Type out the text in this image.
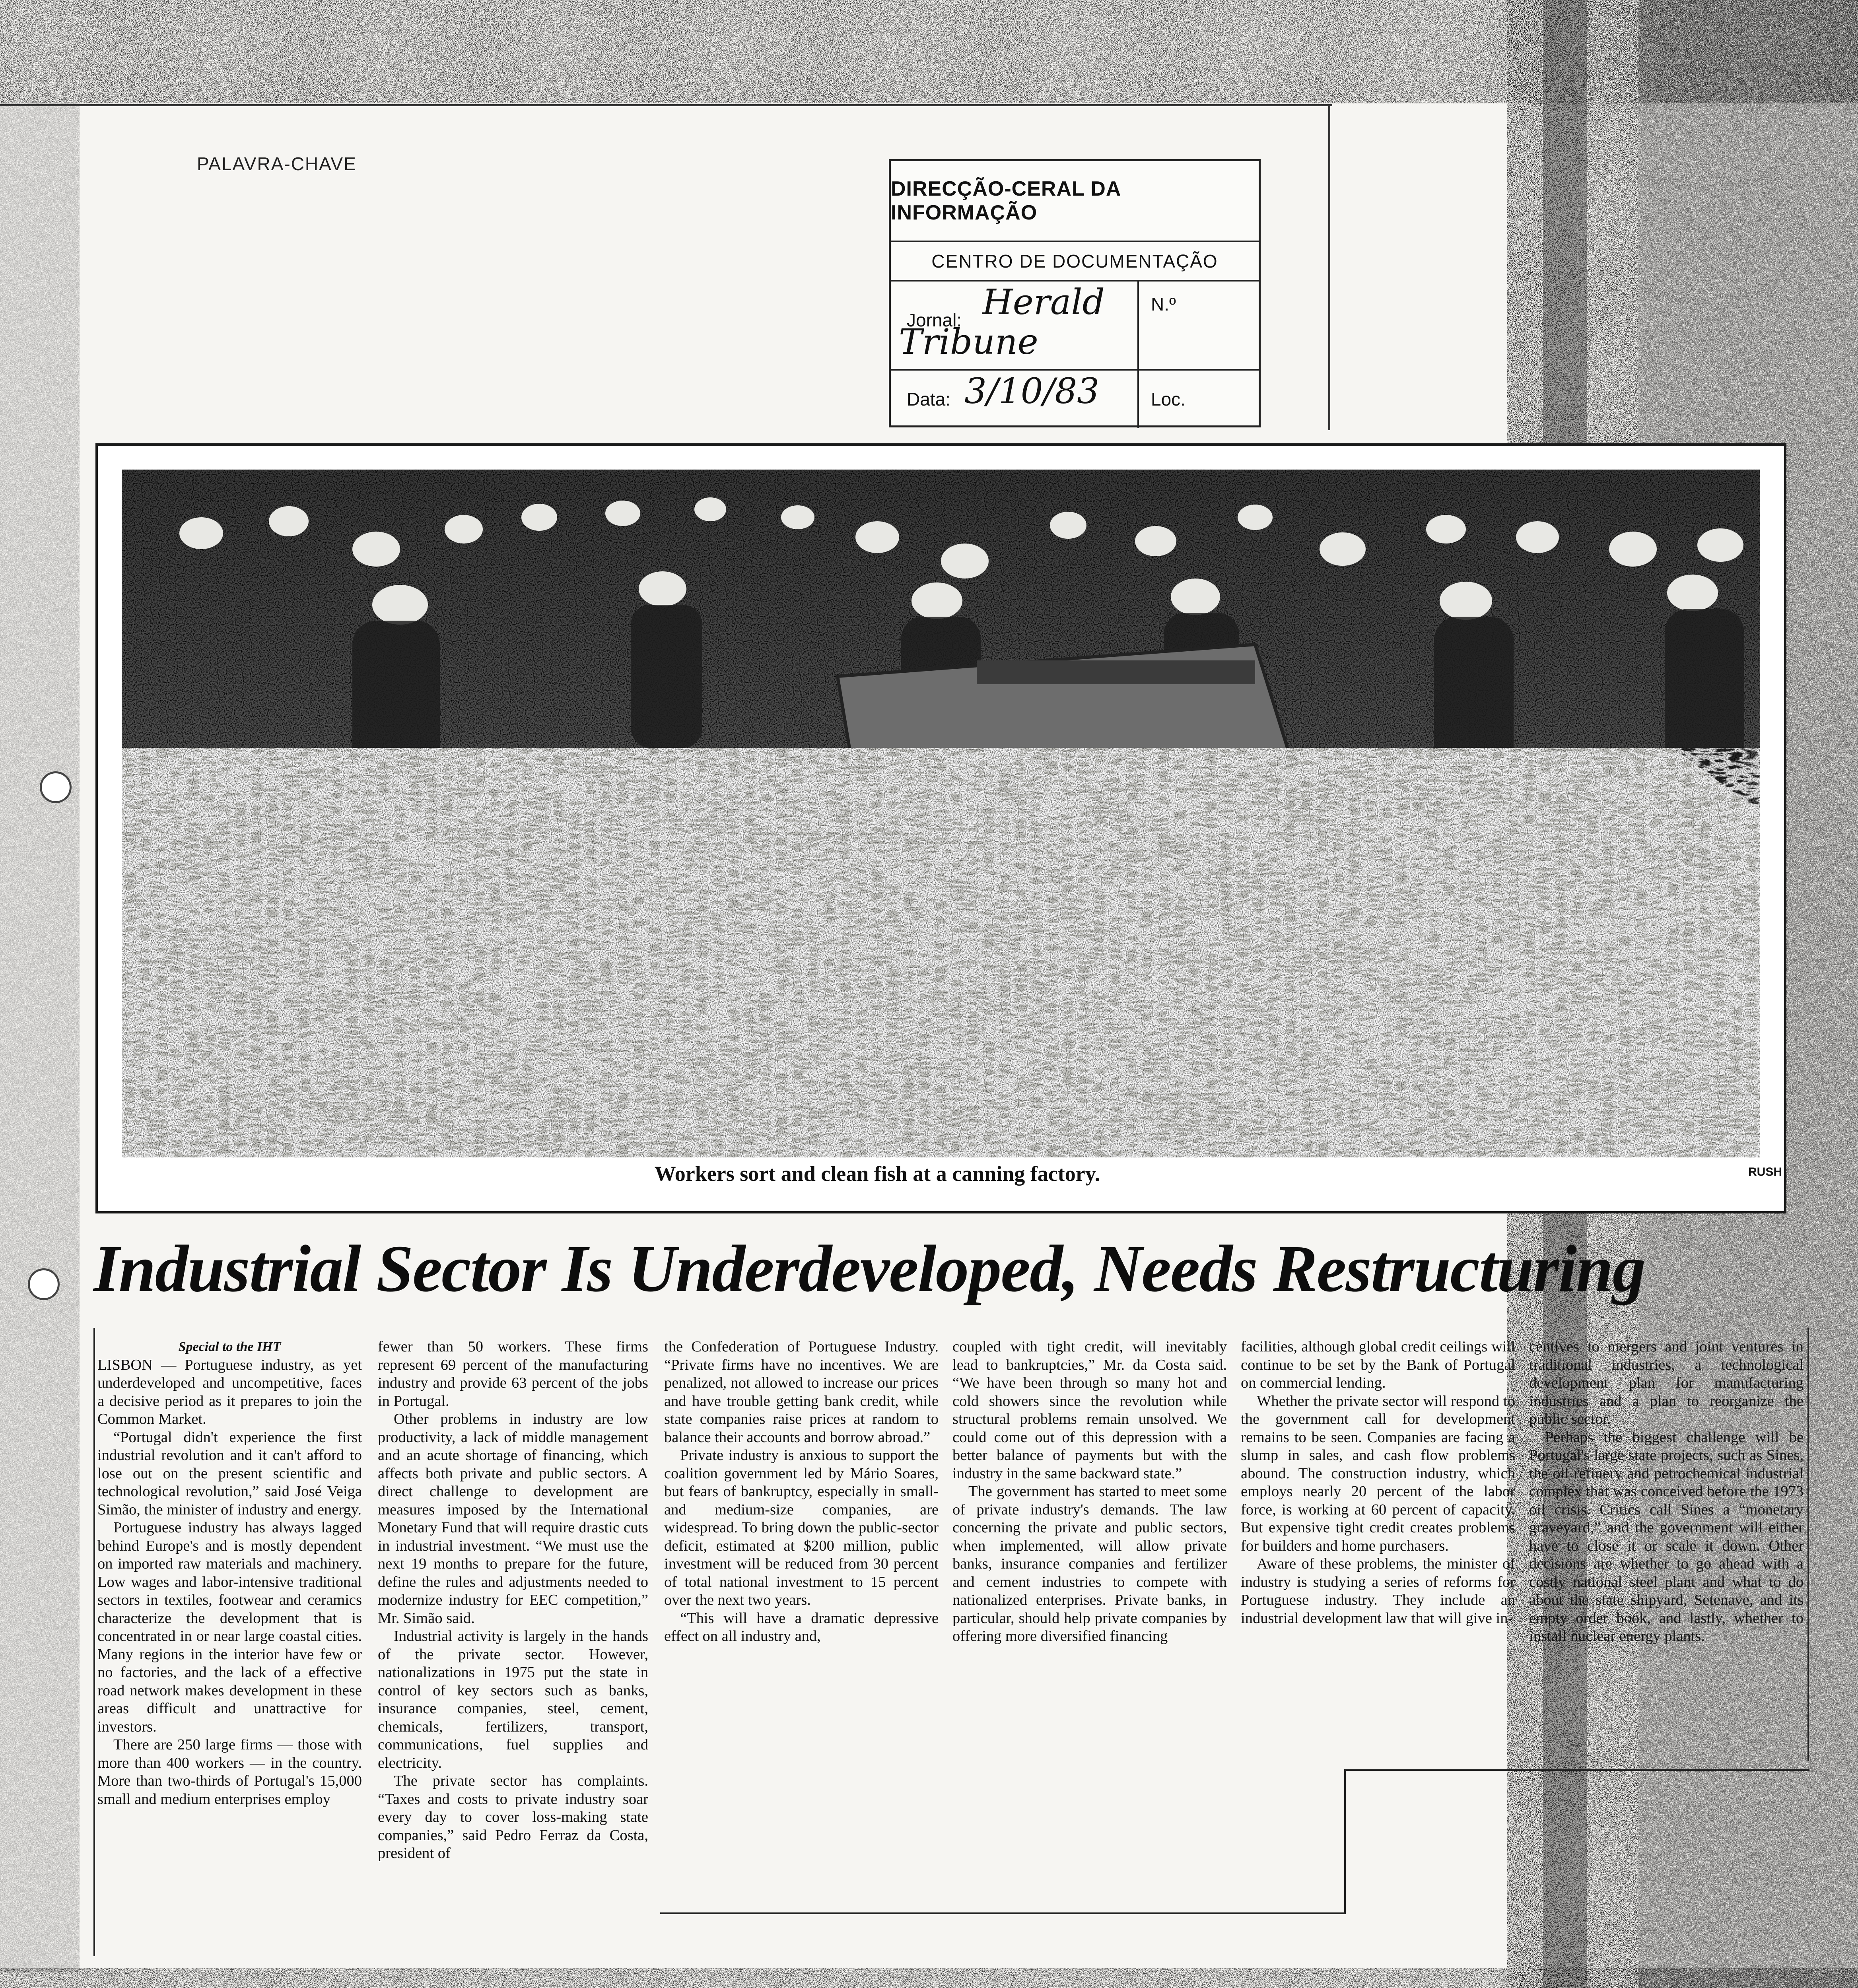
PALAVRA-CHAVE
DIRECÇÃO-CERAL DA INFORMAÇÃO
CENTRO DE DOCUMENTAÇÃO
Jornal: Herald
Tribune
N.º
Data: 3/10/83	Loc.
Workers sort and clean fish at a canning factory.	RUSH
Industrial Sector Is Underdeveloped, Needs Restructuring

Special to the IHT

LISBON — Portuguese industry, as yet underdeveloped and uncompetitive, faces a decisive period as it prepares to join the Common Market.

“Portugal didn't experience the first industrial revolution and it can't afford to lose out on the present scientific and technological revolution,” said José Veiga Simão, the minister of industry and energy.

Portuguese industry has always lagged behind Europe's and is mostly dependent on imported raw materials and machinery. Low wages and labor-intensive traditional sectors in textiles, footwear and ceramics characterize the development that is concentrated in or near large coastal cities. Many regions in the interior have few or no factories, and the lack of a effective road network makes development in these areas difficult and unattractive for investors.

There are 250 large firms — those with more than 400 workers — in the country. More than two-thirds of Portugal's 15,000 small and medium enterprises employ

fewer than 50 workers. These firms represent 69 percent of the manufacturing industry and provide 63 percent of the jobs in Portugal.

Other problems in industry are low productivity, a lack of middle management and an acute shortage of financing, which affects both private and public sectors. A direct challenge to development are measures imposed by the International Monetary Fund that will require drastic cuts in industrial investment. “We must use the next 19 months to prepare for the future, define the rules and adjustments needed to modernize industry for EEC competition,” Mr. Simão said.

Industrial activity is largely in the hands of the private sector. However, nationalizations in 1975 put the state in control of key sectors such as banks, insurance companies, steel, cement, chemicals, fertilizers, transport, communications, fuel supplies and electricity.

The private sector has complaints. “Taxes and costs to private industry soar every day to cover loss-making state companies,” said Pedro Ferraz da Costa, president of

the Confederation of Portuguese Industry. “Private firms have no incentives. We are penalized, not allowed to increase our prices and have trouble getting bank credit, while state companies raise prices at random to balance their accounts and borrow abroad.”

Private industry is anxious to support the coalition government led by Mário Soares, but fears of bankruptcy, especially in small- and medium-size companies, are widespread. To bring down the public-sector deficit, estimated at $200 million, public investment will be reduced from 30 percent of total national investment to 15 percent over the next two years.

“This will have a dramatic depressive effect on all industry and,

coupled with tight credit, will inevitably lead to bankruptcies,” Mr. da Costa said. “We have been through so many hot and cold showers since the revolution while structural problems remain unsolved. We could come out of this depression with a better balance of payments but with the industry in the same backward state.”

The government has started to meet some of private industry's demands. The law concerning the private and public sectors, when implemented, will allow private banks, insurance companies and fertilizer and cement industries to compete with nationalized enterprises. Private banks, in particular, should help private companies by offering more diversified financing

facilities, although global credit ceilings will continue to be set by the Bank of Portugal on commercial lending.

Whether the private sector will respond to the government call for development remains to be seen. Companies are facing a slump in sales, and cash flow problems abound. The construction industry, which employs nearly 20 percent of the labor force, is working at 60 percent of capacity. But expensive tight credit creates problems for builders and home purchasers.

Aware of these problems, the minister of industry is studying a series of reforms for Portuguese industry. They include an industrial development law that will give in-

centives to mergers and joint ventures in traditional industries, a technological development plan for manufacturing industries and a plan to reorganize the public sector.

Perhaps the biggest challenge will be Portugal's large state projects, such as Sines, the oil refinery and petrochemical industrial complex that was conceived before the 1973 oil crisis. Critics call Sines a “monetary graveyard,” and the government will either have to close it or scale it down. Other decisions are whether to go ahead with a costly national steel plant and what to do about the state shipyard, Setenave, and its empty order book, and lastly, whether to install nuclear energy plants.
